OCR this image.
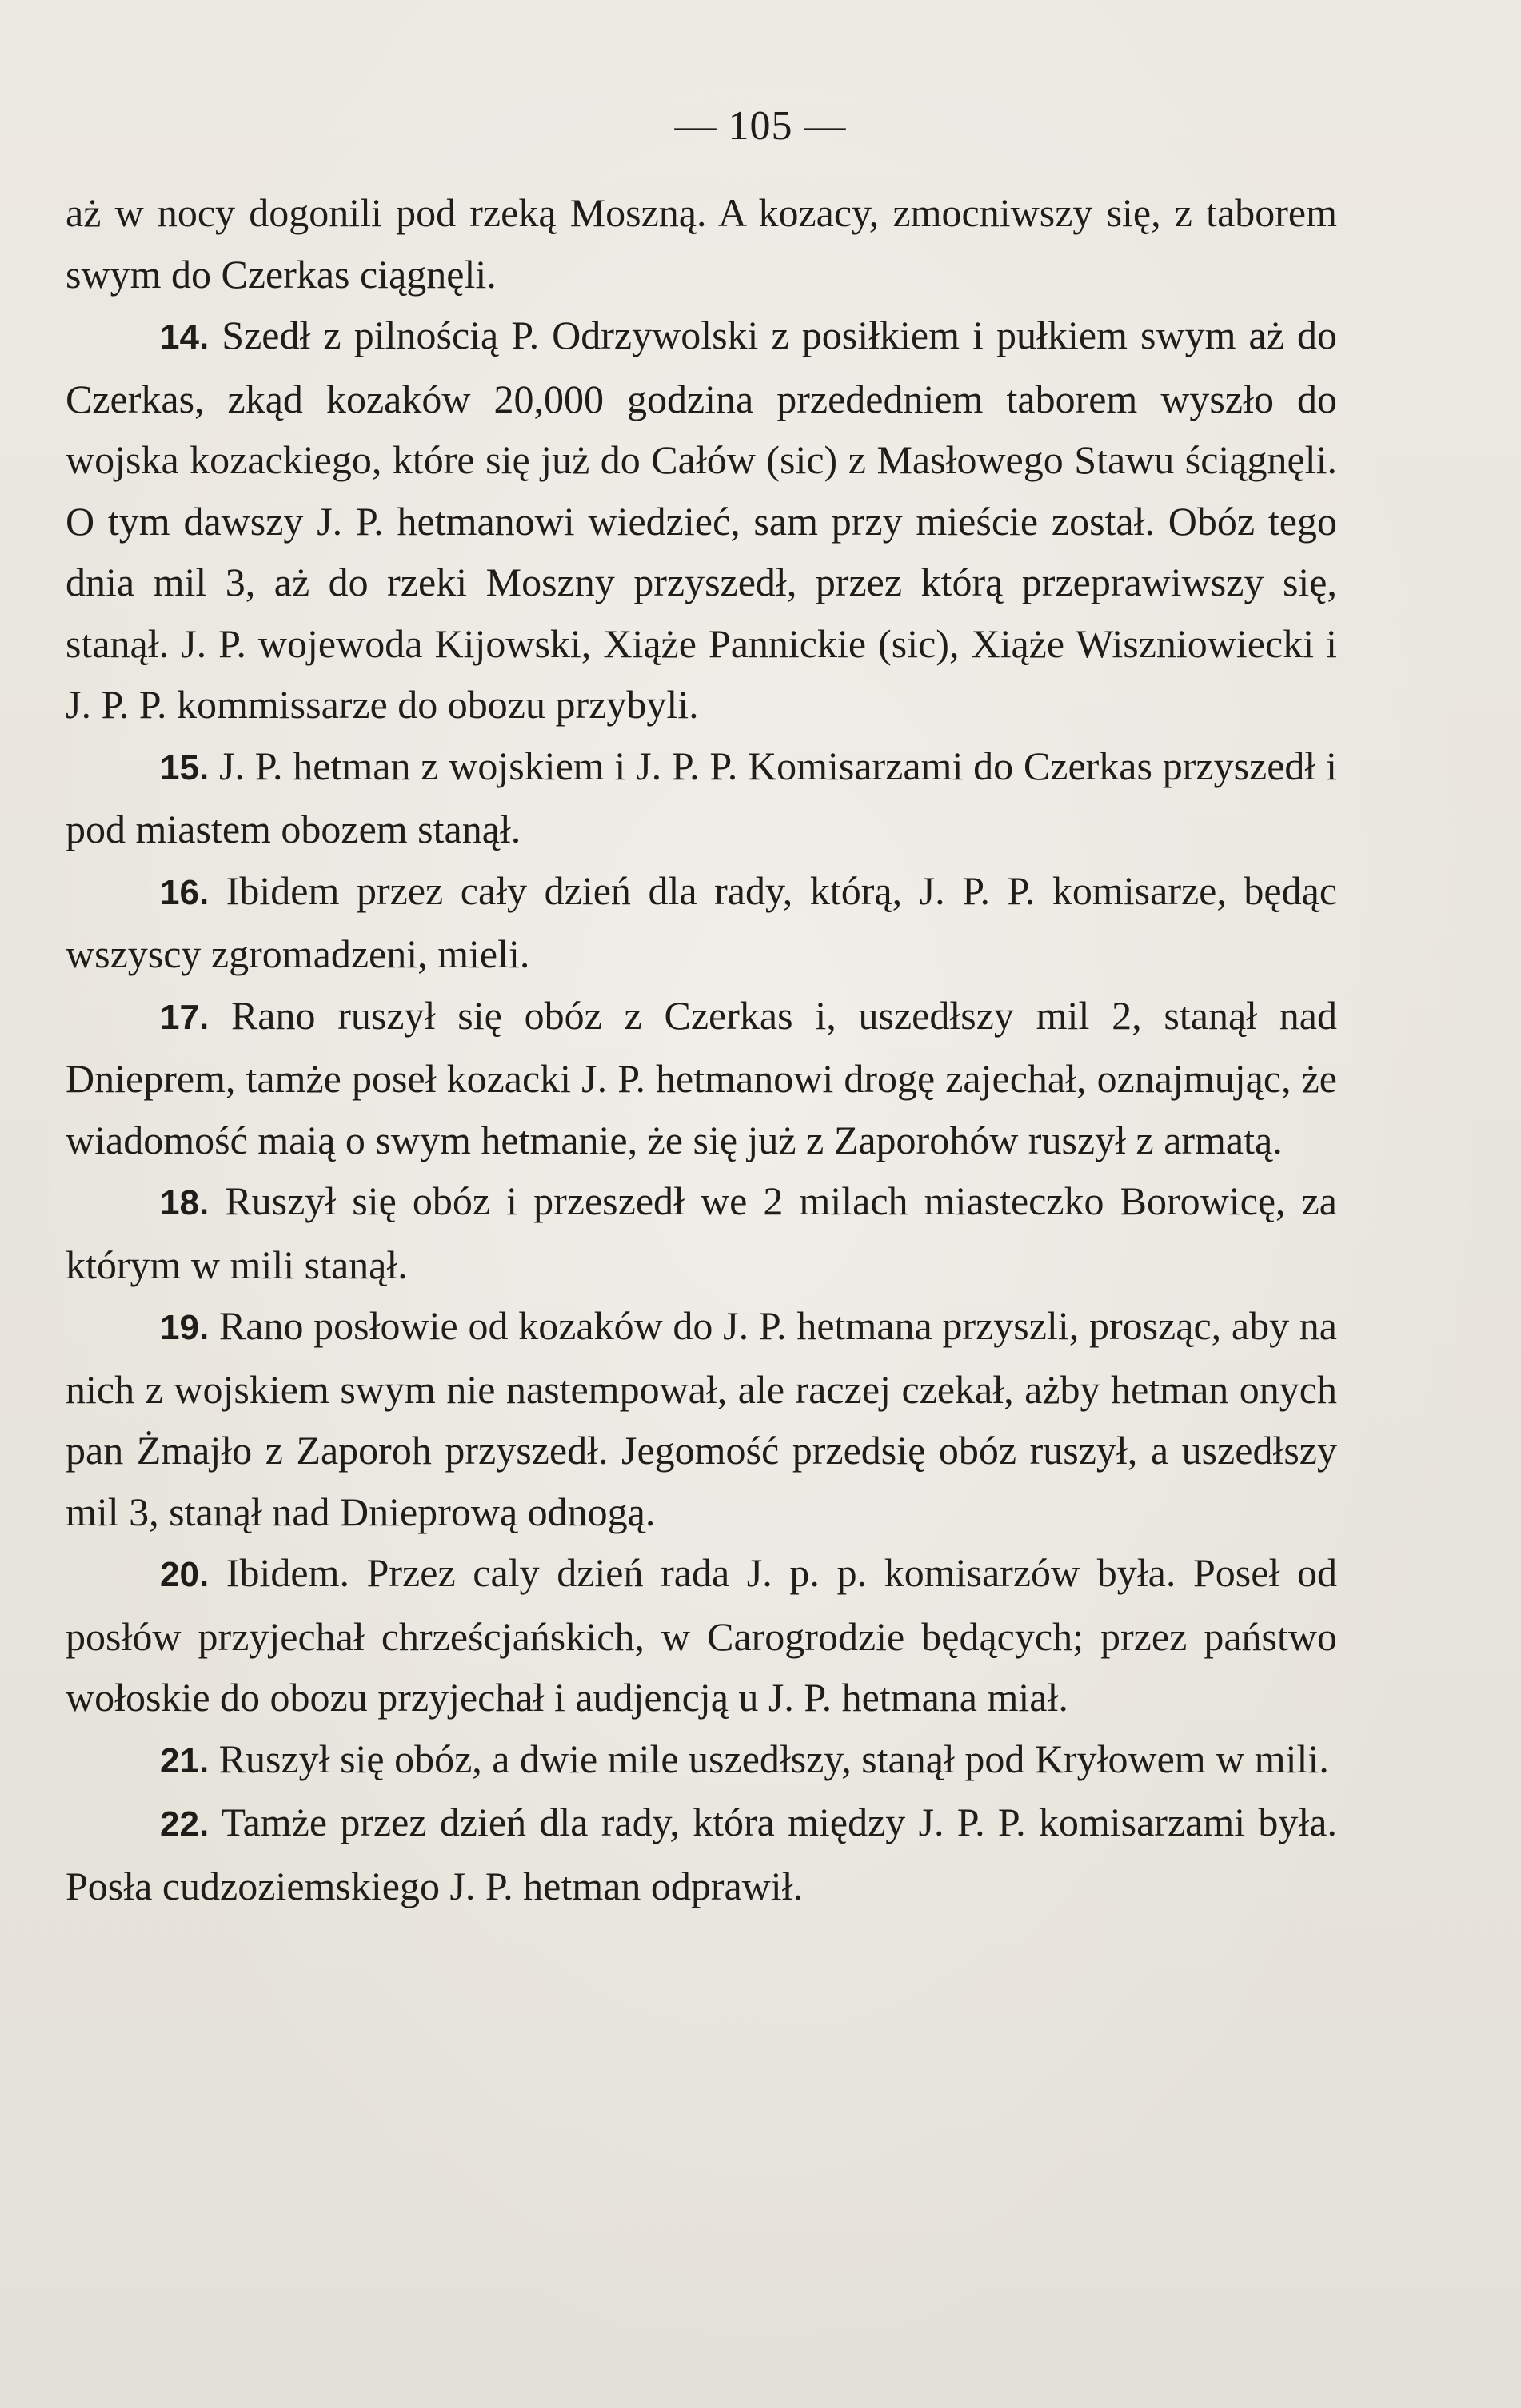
— 105 —

aż w nocy dogonili pod rzeką Moszną. A kozacy, zmocniwszy się, z taborem swym do Czerkas ciągnęli.

14. Szedł z pilnością P. Odrzywolski z posiłkiem i pułkiem swym aż do Czerkas, zkąd kozaków 20,000 godzina przededniem taborem wyszło do wojska kozackiego, które się już do Całów (sic) z Masłowego Stawu ściągnęli. O tym dawszy J. P. hetmanowi wiedzieć, sam przy mieście został. Obóz tego dnia mil 3, aż do rzeki Moszny przyszedł, przez którą przeprawiwszy się, stanął. J. P. wojewoda Kijowski, Xiąże Pannickie (sic), Xiąże Wiszniowiecki i J. P. P. kommissarze do obozu przybyli.

15. J. P. hetman z wojskiem i J. P. P. Komisarzami do Czerkas przyszedł i pod miastem obozem stanął.

16. Ibidem przez cały dzień dla rady, którą, J. P. P. komisarze, będąc wszyscy zgromadzeni, mieli.

17. Rano ruszył się obóz z Czerkas i, uszedłszy mil 2, stanął nad Dnieprem, tamże poseł kozacki J. P. hetmanowi drogę zajechał, oznajmując, że wiadomość maią o swym hetmanie, że się już z Zaporohów ruszył z armatą.

18. Ruszył się obóz i przeszedł we 2 milach miasteczko Borowicę, za którym w mili stanął.

19. Rano posłowie od kozaków do J. P. hetmana przyszli, prosząc, aby na nich z wojskiem swym nie nastempował, ale raczej czekał, ażby hetman onych pan Żmajło z Zaporoh przyszedł. Jegomość przedsię obóz ruszył, a uszedłszy mil 3, stanął nad Dnieprową odnogą.

20. Ibidem. Przez caly dzień rada J. p. p. komisarzów była. Poseł od posłów przyjechał chrześcjańskich, w Carogrodzie będących; przez państwo wołoskie do obozu przyjechał i audjencją u J. P. hetmana miał.

21. Ruszył się obóz, a dwie mile uszedłszy, stanął pod Kryłowem w mili.

22. Tamże przez dzień dla rady, która między J. P. P. komisarzami była. Posła cudzoziemskiego J. P. hetman odprawił.
